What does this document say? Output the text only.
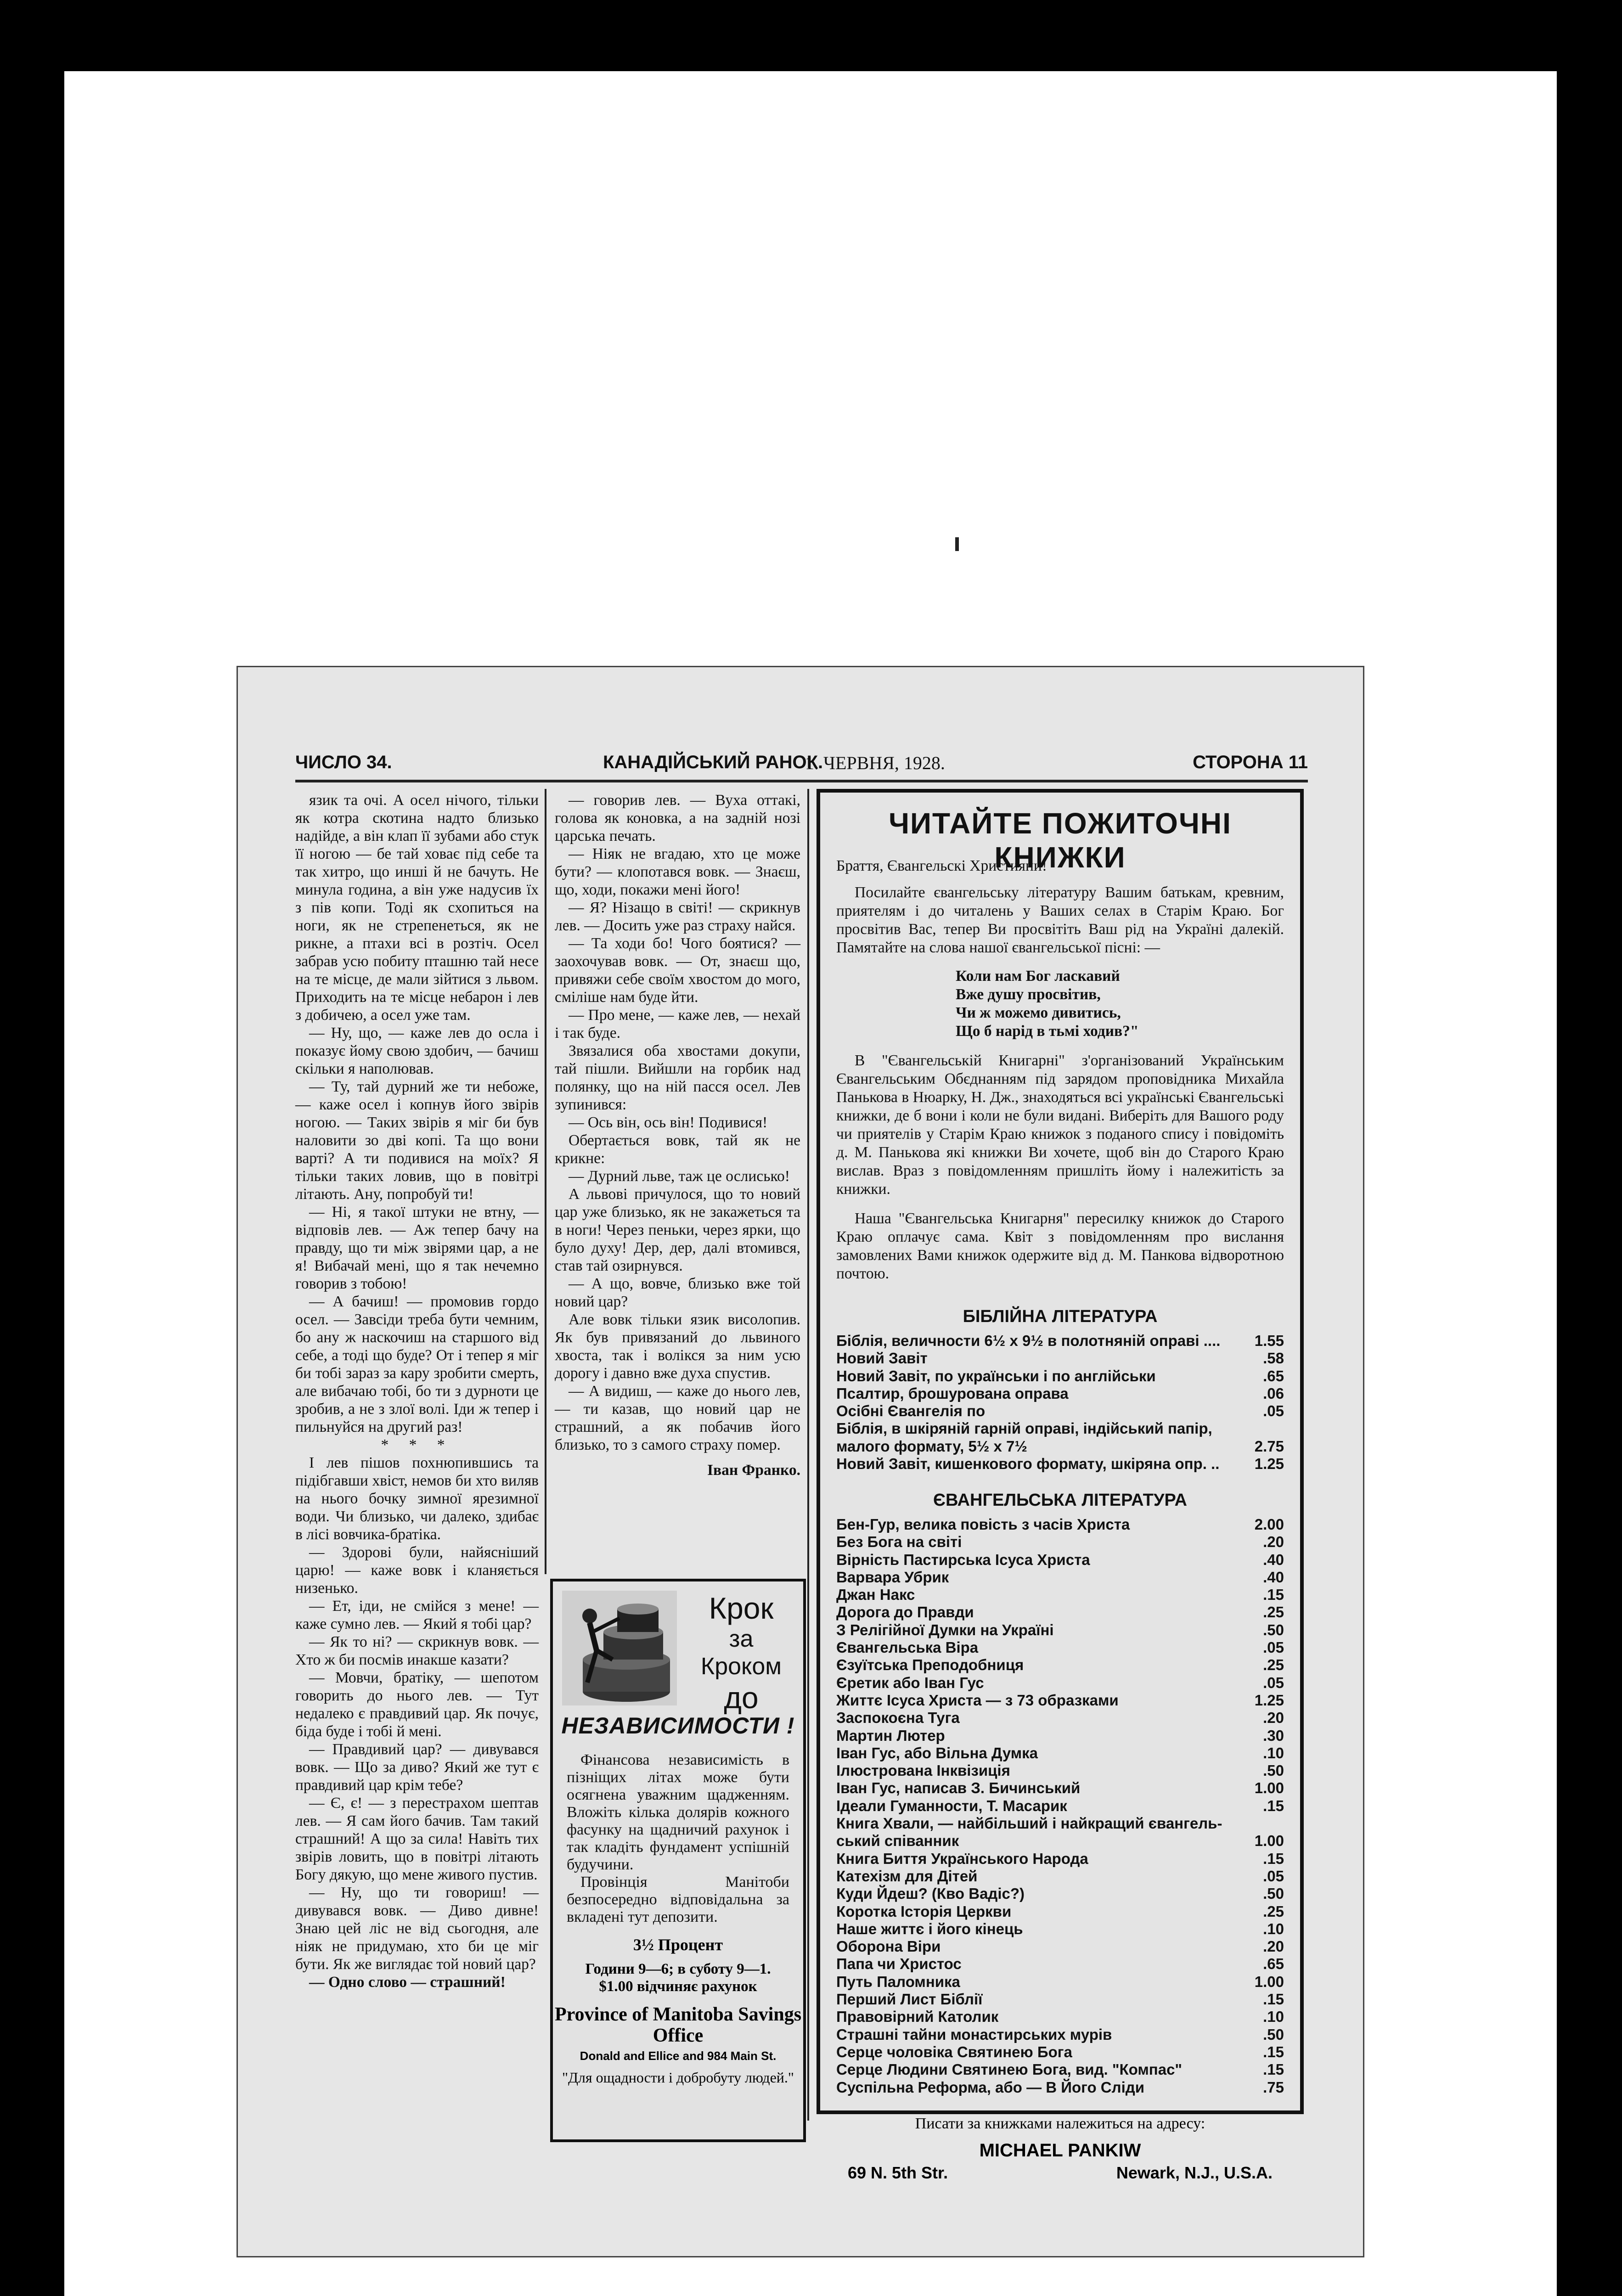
ЧИСЛО 34.	КАНАДІЙСЬКИЙ РАНОК.
1. ЧЕРВНЯ, 1928.	СТОРОНА 11

язик та очі. А осел нічого, тільки як котра скотина надто близько надійде, а він клап її зубами або стук її ногою — бе тай ховає під себе та так хитро, що инші й не бачуть. Не минула година, а він уже надусив їх з пів копи. Тоді як схопиться на ноги, як не стрепенеться, як не рикне, а птахи всі в розтіч. Осел забрав усю побиту пташню тай несе на те місце, де мали зійтися з львом. Приходить на те місце небарон і лев з добичею, а осел уже там.

— Ну, що, — каже лев до осла і показує йому свою здобич, — бачиш скільки я наполював.

— Ту, тай дурний же ти небоже, — каже осел і копнув його звірів ногою. — Таких звірів я міг би був наловити зо дві копі. Та що вони варті? А ти подивися на моїх? Я тільки таких ловив, що в повітрі літають. Ану, попробуй ти!

— Ні, я такої штуки не втну, — відповів лев. — Аж тепер бачу на правду, що ти між звірями цар, а не я! Вибачай мені, що я так нечемно говорив з тобою!

— А бачиш! — промовив гордо осел. — Завсіди треба бути чемним, бо ану ж наскочиш на старшого від себе, а тоді що буде? От і тепер я міг би тобі зараз за кару зробити смерть, але вибачаю тобі, бо ти з дурноти це зробив, а не з злої волі. Іди ж тепер і пильнуйся на другий раз!

* * *

I лев пішов похнюпившись та підібгавши хвіст, немов би хто виляв на нього бочку зимної ярезимної води. Чи близько, чи далеко, здибає в лісі вовчика-братіка.

— Здорові були, найясніший царю! — каже вовк і кланяється низенько.

— Ет, іди, не смійся з мене! — каже сумно лев. — Який я тобі цар?

— Як то ні? — скрикнув вовк. — Хто ж би посмів инакше казати?

— Мовчи, братіку, — шепотом говорить до нього лев. — Тут недалеко є правдивий цар. Як почує, біда буде і тобі й мені.

— Правдивий цар? — дивувався вовк. — Що за диво? Який же тут є правдивий цар крім тебе?

— Є, є! — з перестрахом шептав лев. — Я сам його бачив. Там такий страшний! А що за сила! Навіть тих звірів ловить, що в повітрі літають Богу дякую, що мене живого пустив.

— Ну, що ти говориш! — дивувався вовк. — Диво дивне! Знаю цей ліс не від сьогодня, але ніяк не придумаю, хто би це міг бути. Як же виглядає той новий цар?

— Одно слово — страшний!

— говорив лев. — Вуха оттакі, голова як коновка, а на задній нозі царська печать.

— Ніяк не вгадаю, хто це може бути? — клопотався вовк. — Знаєш, що, ходи, покажи мені його!

— Я? Нізащо в світі! — скрикнув лев. — Досить уже раз страху найся.

— Та ходи бо! Чого боятися? — заохочував вовк. — От, знаєш що, привяжи себе своїм хвостом до мого, сміліше нам буде йти.

— Про мене, — каже лев, — нехай і так буде.

Звязалися оба хвостами докупи, тай пішли. Вийшли на горбик над полянку, що на ній пасся осел. Лев зупинився:

— Ось він, ось він! Подивися!

Обертається вовк, тай як не крикне:

— Дурний льве, таж це ослисько!

А львові причулося, що то новий цар уже близько, як не закажеться та в ноги! Через пеньки, через ярки, що було духу! Дер, дер, далі втомився, став тай озирнувся.

— А що, вовче, близько вже той новий цар?

Але вовк тільки язик висолопив. Як був привязаний до львиного хвоста, так і волікся за ним усю дорогу і давно вже духа спустив.

— А видиш, — каже до нього лев, — ти казав, що новий цар не страшний, а як побачив його близько, то з самого страху помер.

Іван Франко.

Крок
за Кроком
до
НЕЗАВИСИМОСТИ !

Фінансова независимість в пізніщих літах може бути осягнена уважним щадженням. Вложіть кілька долярів кожного фасунку на щадничий рахунок і так кладіть фундамент успішній будучини.

Провінція Манітоби безпосередно відповідальна за вкладені тут депозити.

3½ Процент
Години 9—6; в суботу 9—1.
$1.00 відчиняє рахунок
Province of Manitoba Savings Office
Donald and Ellice and 984 Main St.
"Для ощадности і добробуту людей."
ЧИТАЙТЕ ПОЖИТОЧНІ КНИЖКИ

Браття, Євангельскі Християни!

Посилайте євангельську літературу Вашим батькам, кревним, приятелям і до читалень у Ваших селах в Старім Краю. Бог просвітив Вас, тепер Ви просвітіть Ваш рід на Україні далекій. Памятайте на слова нашої євангельської пісні: —

Коли нам Бог ласкавий

Вже душу просвітив,

Чи ж можемо дивитись,

Що б нарід в тьмі ходив?"

В "Євангельській Книгарні" з'організований Українським Євангельським Обєднанням під зарядом проповідника Михайла Панькова в Нюарку, Н. Дж., знаходяться всі українські Євангельські книжки, де б вони і коли не були видані. Виберіть для Вашого роду чи приятелів у Старім Краю книжок з поданого спису і повідоміть д. М. Панькова які книжки Ви хочете, щоб він до Старого Краю вислав. Враз з повідомленням пришліть йому і належитість за книжки.

Наша "Євангельська Книгарня" пересилку книжок до Старого Краю оплачує сама. Квіт з повідомленням про вислання замовлених Вами книжок одержите від д. М. Панкова відворотною почтою.

БІБЛІЙНА ЛІТЕРАТУРА
Біблія, величности 6½ x 9½ в полотняній оправі ....	1.55
Новий Завіт	.58
Новий Завіт, по українськи і по англійськи	.65
Псалтир, брошурована оправа	.06
Осібні Євангелія по	.05
Біблія, в шкіряній гарній оправі, індійський папір,
малого формату, 5½ x 7½	2.75
Новий Завіт, кишенкового формату, шкіряна опр. ..	1.25
ЄВАНГЕЛЬСЬКА ЛІТЕРАТУРА
Бен-Гур, велика повість з часів Христа	2.00
Без Бога на світі	.20
Вірність Пастирська Ісуса Христа	.40
Варвара Убрик	.40
Джан Накс	.15
Дорога до Правди	.25
З Релігійної Думки на Україні	.50
Євангельська Віра	.05
Єзуїтська Преподобниця	.25
Єретик або Іван Гус	.05
Життє Ісуса Христа — з 73 образками	1.25
Заспокоєна Туга	.20
Мартин Лютер	.30
Іван Гус, або Вільна Думка	.10
Ілюстрована Інквізиція	.50
Іван Гус, написав З. Бичинський	1.00
Ідеали Гуманности, Т. Масарик	.15
Книга Хвали, — найбільший і найкращий євангель-
ський співанник	1.00
Книга Биття Українського Народа	.15
Катехізм для Дітей	.05
Куди Йдеш? (Кво Вадіс?)	.50
Коротка Історія Церкви	.25
Наше життє і його кінець	.10
Оборона Віри	.20
Папа чи Христос	.65
Путь Паломника	1.00
Перший Лист Біблії	.15
Правовірний Католик	.10
Страшні тайни монастирських мурів	.50
Серце чоловіка Святинею Бога	.15
Серце Людини Святинею Бога, вид. "Компас"	.15
Суспільна Реформа, або — В Його Сліди	.75
Писати за книжками належиться на адресу:
MICHAEL PANKIW
69 N. 5th Str.	Newark, N.J., U.S.A.
